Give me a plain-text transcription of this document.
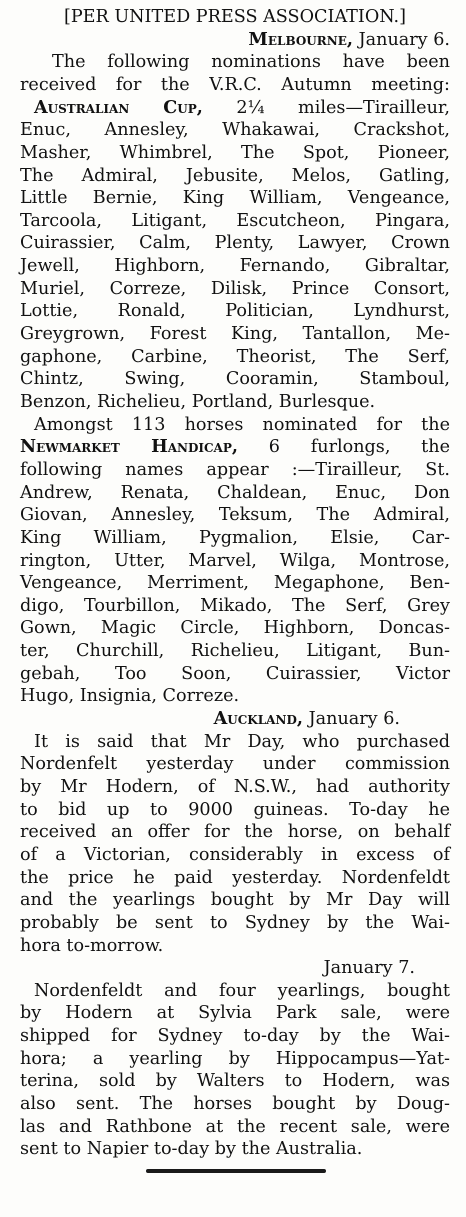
[PER UNITED PRESS ASSOCIATION.]
Melbourne, January 6.
The following nominations have been
received for the V.R.C. Autumn meeting:
Australian Cup, 2¼ miles—Tirailleur,
Enuc, Annesley, Whakawai, Crackshot,
Masher, Whimbrel, The Spot, Pioneer,
The Admiral, Jebusite, Melos, Gatling,
Little Bernie, King William, Vengeance,
Tarcoola, Litigant, Escutcheon, Pingara,
Cuirassier, Calm, Plenty, Lawyer, Crown
Jewell, Highborn, Fernando, Gibraltar,
Muriel, Correze, Dilisk, Prince Consort,
Lottie, Ronald, Politician, Lyndhurst,
Greygrown, Forest King, Tantallon, Me-
gaphone, Carbine, Theorist, The Serf,
Chintz, Swing, Cooramin, Stamboul,
Benzon, Richelieu, Portland, Burlesque.
Amongst 113 horses nominated for the
Newmarket Handicap, 6 furlongs, the
following names appear :—Tirailleur, St.
Andrew, Renata, Chaldean, Enuc, Don
Giovan, Annesley, Teksum, The Admiral,
King William, Pygmalion, Elsie, Car-
rington, Utter, Marvel, Wilga, Montrose,
Vengeance, Merriment, Megaphone, Ben-
digo, Tourbillon, Mikado, The Serf, Grey
Gown, Magic Circle, Highborn, Doncas-
ter, Churchill, Richelieu, Litigant, Bun-
gebah, Too Soon, Cuirassier, Victor
Hugo, Insignia, Correze.
Auckland, January 6.
It is said that Mr Day, who purchased
Nordenfelt yesterday under commission
by Mr Hodern, of N.S.W., had authority
to bid up to 9000 guineas. To-day he
received an offer for the horse, on behalf
of a Victorian, considerably in excess of
the price he paid yesterday. Nordenfeldt
and the yearlings bought by Mr Day will
probably be sent to Sydney by the Wai-
hora to-morrow.
January 7.
Nordenfeldt and four yearlings, bought
by Hodern at Sylvia Park sale, were
shipped for Sydney to-day by the Wai-
hora; a yearling by Hippocampus—Yat-
terina, sold by Walters to Hodern, was
also sent. The horses bought by Doug-
las and Rathbone at the recent sale, were
sent to Napier to-day by the Australia.
